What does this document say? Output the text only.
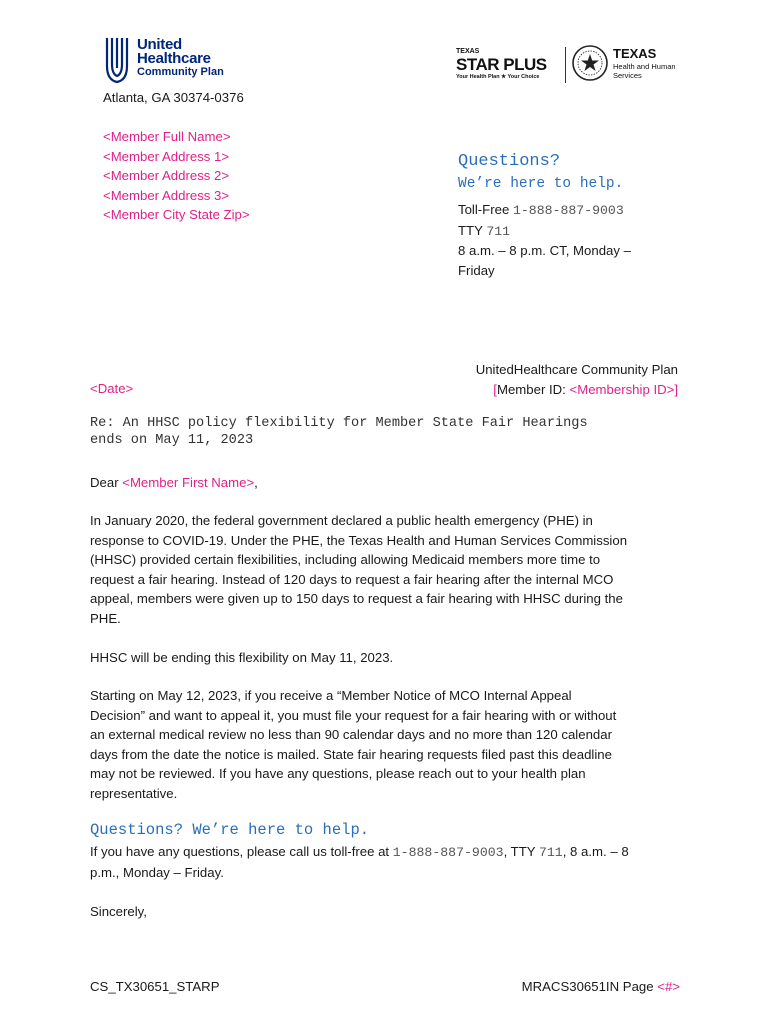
United
Healthcare
Community Plan
TEXAS
STAR PLUS
Your Health Plan ★ Your Choice
TEXAS
Health and Human
Services
Atlanta, GA 30374-0376
<Member Full Name>
<Member Address 1>
<Member Address 2>
<Member Address 3>
<Member City State Zip>
Questions?
We’re here to help.
Toll-Free 1-888-887-9003
TTY 711
8 a.m. – 8 p.m. CT, Monday –
Friday
UnitedHealthcare Community Plan
[Member ID: <Membership ID>]
<Date>
Re: An HHSC policy flexibility for Member State Fair Hearings
ends on May 11, 2023
Dear <Member First Name>,
In January 2020, the federal government declared a public health emergency (PHE) in
response to COVID-19. Under the PHE, the Texas Health and Human Services Commission
(HHSC) provided certain flexibilities, including allowing Medicaid members more time to
request a fair hearing. Instead of 120 days to request a fair hearing after the internal MCO
appeal, members were given up to 150 days to request a fair hearing with HHSC during the
PHE.
HHSC will be ending this flexibility on May 11, 2023.
Starting on May 12, 2023, if you receive a “Member Notice of MCO Internal Appeal
Decision” and want to appeal it, you must file your request for a fair hearing with or without
an external medical review no less than 90 calendar days and no more than 120 calendar
days from the date the notice is mailed. State fair hearing requests filed past this deadline
may not be reviewed. If you have any questions, please reach out to your health plan
representative.
Questions? We’re here to help.
If you have any questions, please call us toll-free at 1-888-887-9003, TTY 711, 8 a.m. – 8
p.m., Monday – Friday.
Sincerely,
CS_TX30651_STARP	MRACS30651IN Page <#>
